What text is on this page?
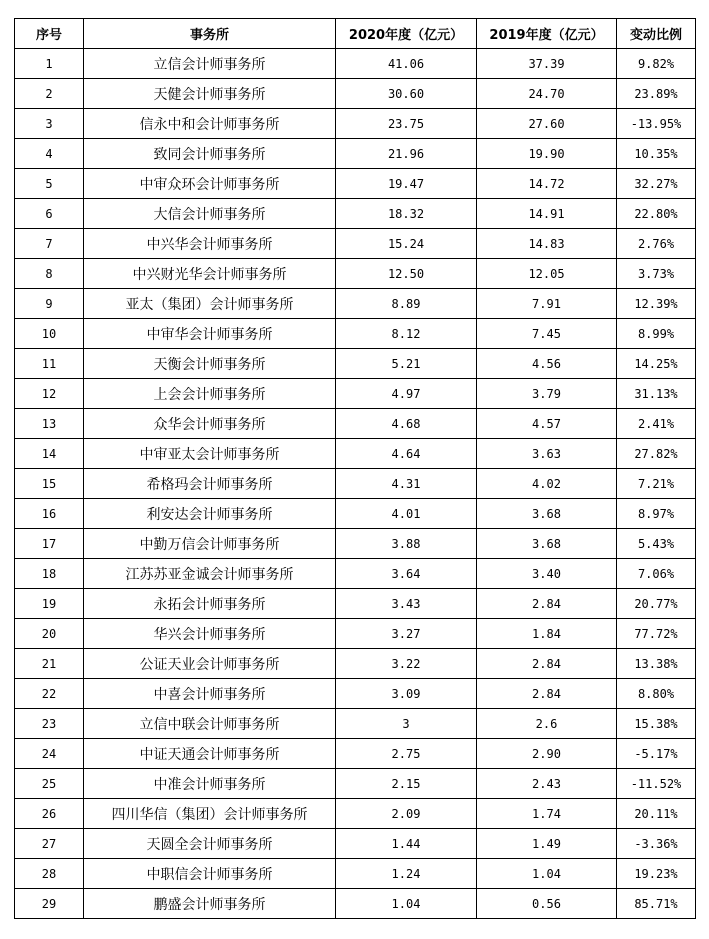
序号	事务所	2020年度（亿元）	2019年度（亿元）	变动比例
1	立信会计师事务所	41.06	37.39	9.82%
2	天健会计师事务所	30.60	24.70	23.89%
3	信永中和会计师事务所	23.75	27.60	-13.95%
4	致同会计师事务所	21.96	19.90	10.35%
5	中审众环会计师事务所	19.47	14.72	32.27%
6	大信会计师事务所	18.32	14.91	22.80%
7	中兴华会计师事务所	15.24	14.83	2.76%
8	中兴财光华会计师事务所	12.50	12.05	3.73%
9	亚太（集团）会计师事务所	8.89	7.91	12.39%
10	中审华会计师事务所	8.12	7.45	8.99%
11	天衡会计师事务所	5.21	4.56	14.25%
12	上会会计师事务所	4.97	3.79	31.13%
13	众华会计师事务所	4.68	4.57	2.41%
14	中审亚太会计师事务所	4.64	3.63	27.82%
15	希格玛会计师事务所	4.31	4.02	7.21%
16	利安达会计师事务所	4.01	3.68	8.97%
17	中勤万信会计师事务所	3.88	3.68	5.43%
18	江苏苏亚金诚会计师事务所	3.64	3.40	7.06%
19	永拓会计师事务所	3.43	2.84	20.77%
20	华兴会计师事务所	3.27	1.84	77.72%
21	公证天业会计师事务所	3.22	2.84	13.38%
22	中喜会计师事务所	3.09	2.84	8.80%
23	立信中联会计师事务所	3	2.6	15.38%
24	中证天通会计师事务所	2.75	2.90	-5.17%
25	中准会计师事务所	2.15	2.43	-11.52%
26	四川华信（集团）会计师事务所	2.09	1.74	20.11%
27	天圆全会计师事务所	1.44	1.49	-3.36%
28	中职信会计师事务所	1.24	1.04	19.23%
29	鹏盛会计师事务所	1.04	0.56	85.71%
